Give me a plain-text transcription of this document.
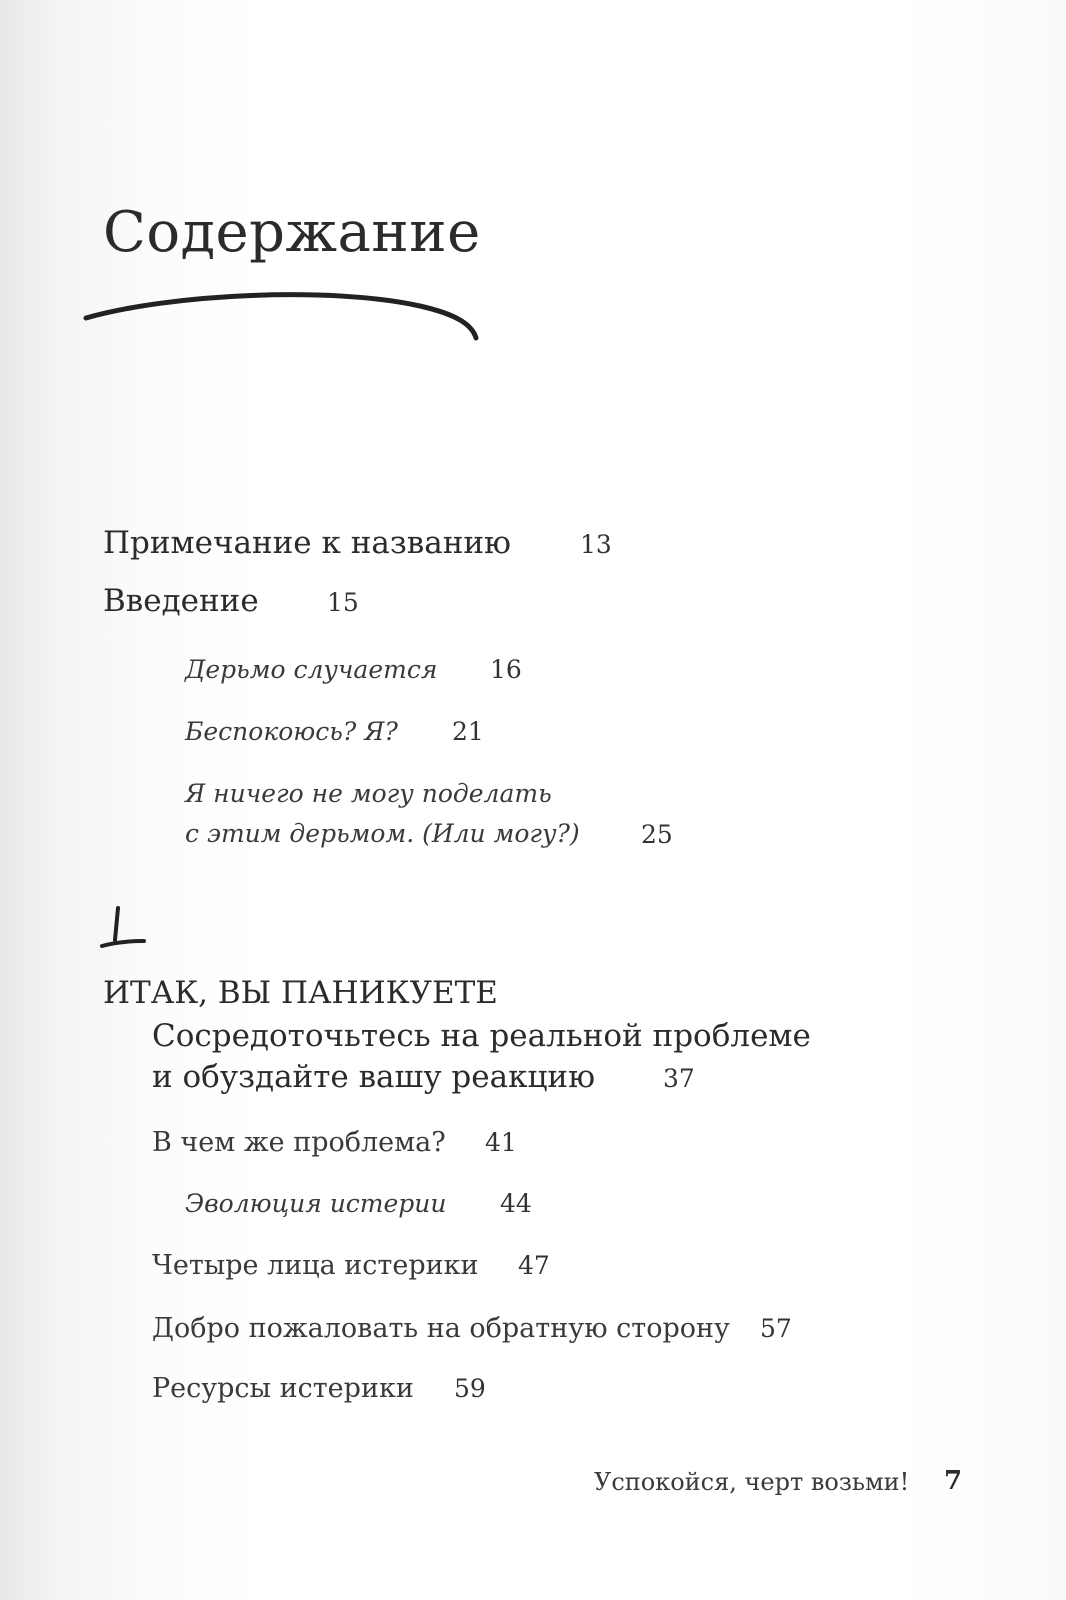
Содержание
Примечание к названию	13
Введение	15
Дерьмо случается 16
Беспокоюсь? Я? 21
Я ничего не могу поделать
с этим дерьмом. (Или могу?) 25
1
ИТАК, ВЫ ПАНИКУЕТЕ
Сосредоточьтесь на реальной проблеме
и обуздайте вашу реакцию	37
В чем же проблема? 41
Эволюция истерии 44
Четыре лица истерики 47
Добро пожаловать на обратную сторону 57
Ресурсы истерики 59
Успокойся, черт возьми! 7
